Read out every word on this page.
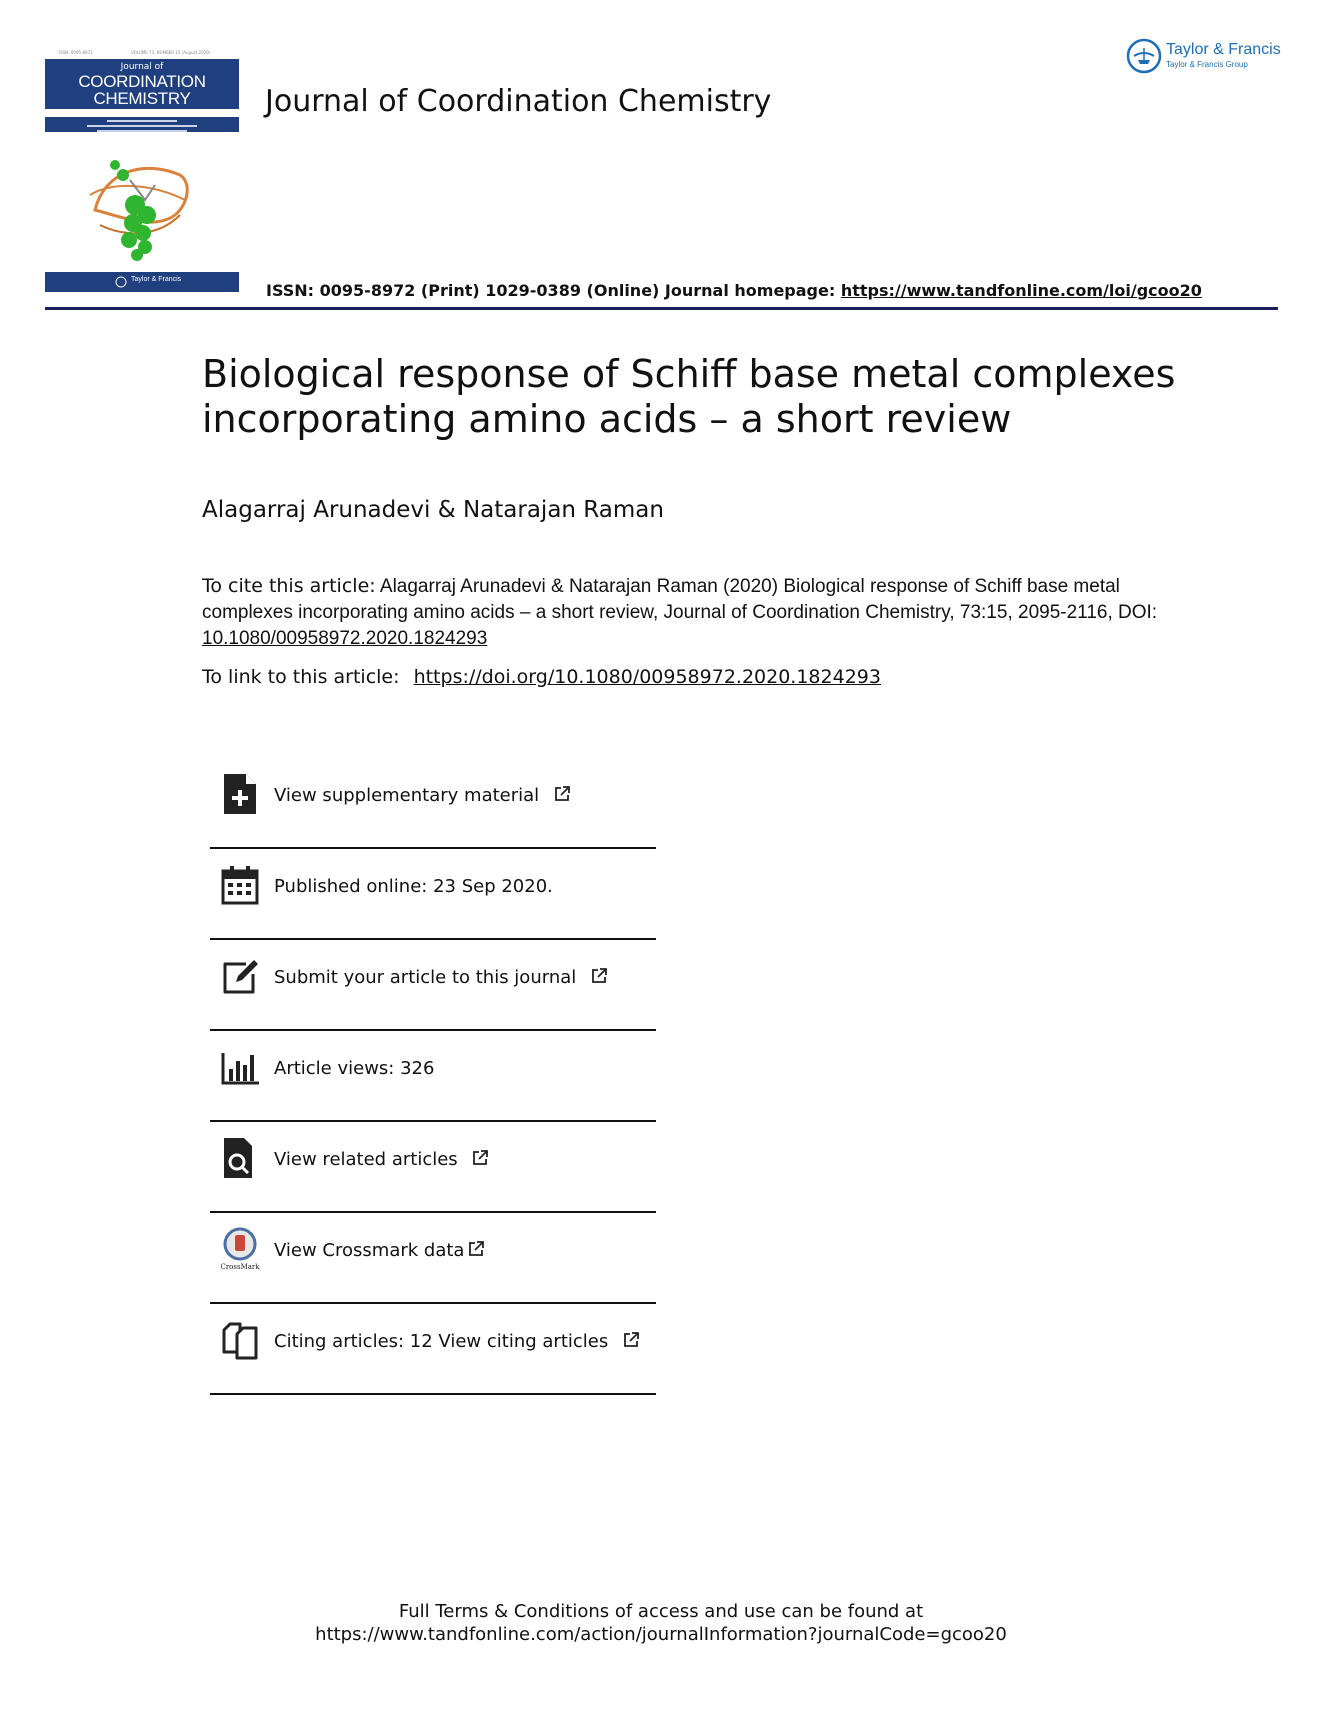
ISSN: 0095-8972	VOLUME 73, NUMBER 15 (August 2020)
Journal of
COORDINATION
CHEMISTRY
Taylor & Francis
Journal of Coordination Chemistry
Taylor & Francis
Taylor & Francis Group
ISSN: 0095-8972 (Print) 1029-0389 (Online) Journal homepage: https://www.tandfonline.com/loi/gcoo20
Biological response of Schiff base metal complexes
incorporating amino acids – a short review
Alagarraj Arunadevi & Natarajan Raman
To cite this article: Alagarraj Arunadevi & Natarajan Raman (2020) Biological response of Schiff base metal complexes incorporating amino acids – a short review, Journal of Coordination Chemistry, 73:15, 2095-2116, DOI: 10.1080/00958972.2020.1824293
To link to this article: https://doi.org/10.1080/00958972.2020.1824293
View supplementary material
Published online: 23 Sep 2020.
Submit your article to this journal
Article views: 326
View related articles
CrossMark
View Crossmark data
Citing articles: 12 View citing articles
Full Terms & Conditions of access and use can be found at
https://www.tandfonline.com/action/journalInformation?journalCode=gcoo20
